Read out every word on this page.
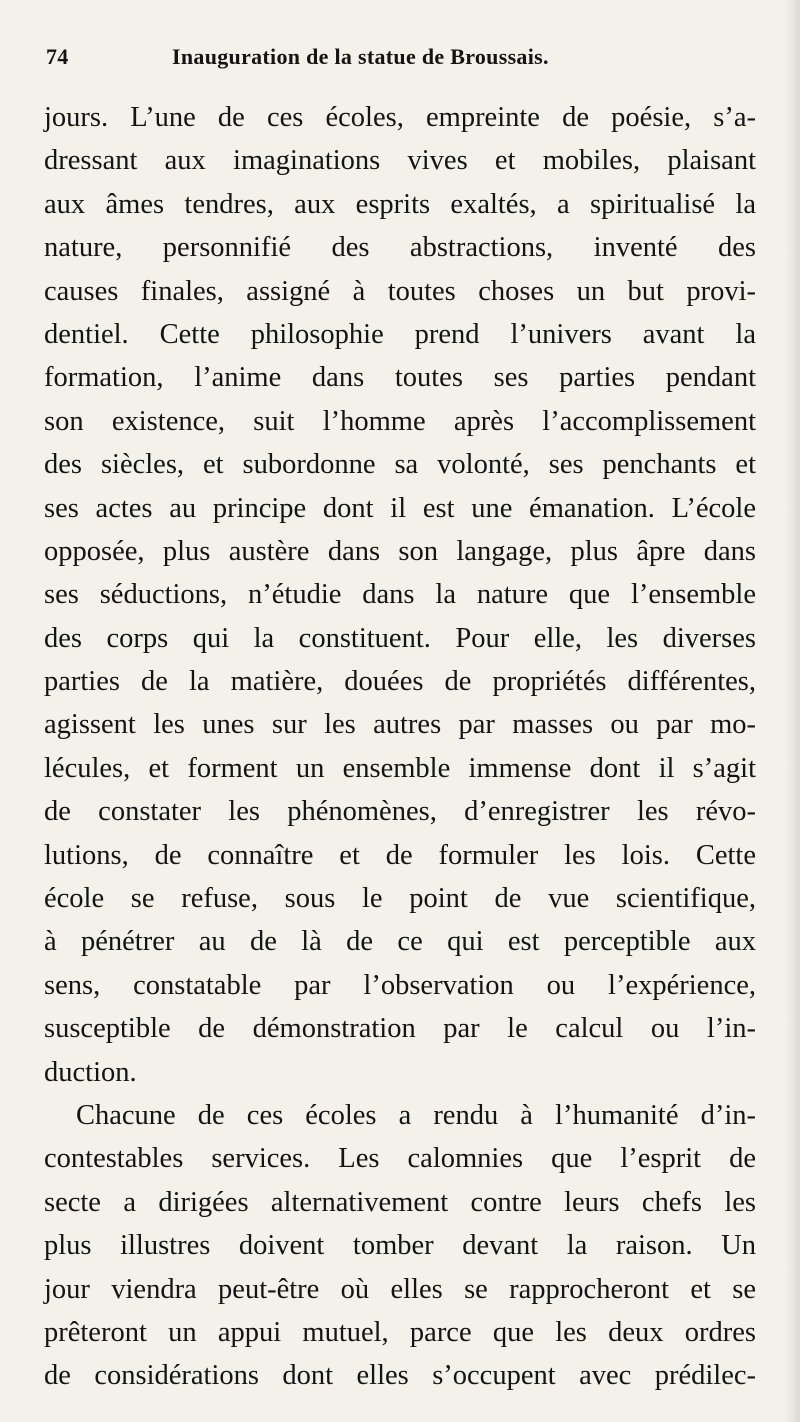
74	Inauguration de la statue de Broussais.
jours. L’une de ces écoles, empreinte de poésie, s’a-
dressant aux imaginations vives et mobiles, plaisant
aux âmes tendres, aux esprits exaltés, a spiritualisé la
nature, personnifié des abstractions, inventé des
causes finales, assigné à toutes choses un but provi-
dentiel. Cette philosophie prend l’univers avant la
formation, l’anime dans toutes ses parties pendant
son existence, suit l’homme après l’accomplissement
des siècles, et subordonne sa volonté, ses penchants et
ses actes au principe dont il est une émanation. L’école
opposée, plus austère dans son langage, plus âpre dans
ses séductions, n’étudie dans la nature que l’ensemble
des corps qui la constituent. Pour elle, les diverses
parties de la matière, douées de propriétés différentes,
agissent les unes sur les autres par masses ou par mo-
lécules, et forment un ensemble immense dont il s’agit
de constater les phénomènes, d’enregistrer les révo-
lutions, de connaître et de formuler les lois. Cette
école se refuse, sous le point de vue scientifique,
à pénétrer au de là de ce qui est perceptible aux
sens, constatable par l’observation ou l’expérience,
susceptible de démonstration par le calcul ou l’in-
duction.
Chacune de ces écoles a rendu à l’humanité d’in-
contestables services. Les calomnies que l’esprit de
secte a dirigées alternativement contre leurs chefs les
plus illustres doivent tomber devant la raison. Un
jour viendra peut-être où elles se rapprocheront et se
prêteront un appui mutuel, parce que les deux ordres
de considérations dont elles s’occupent avec prédilec-
